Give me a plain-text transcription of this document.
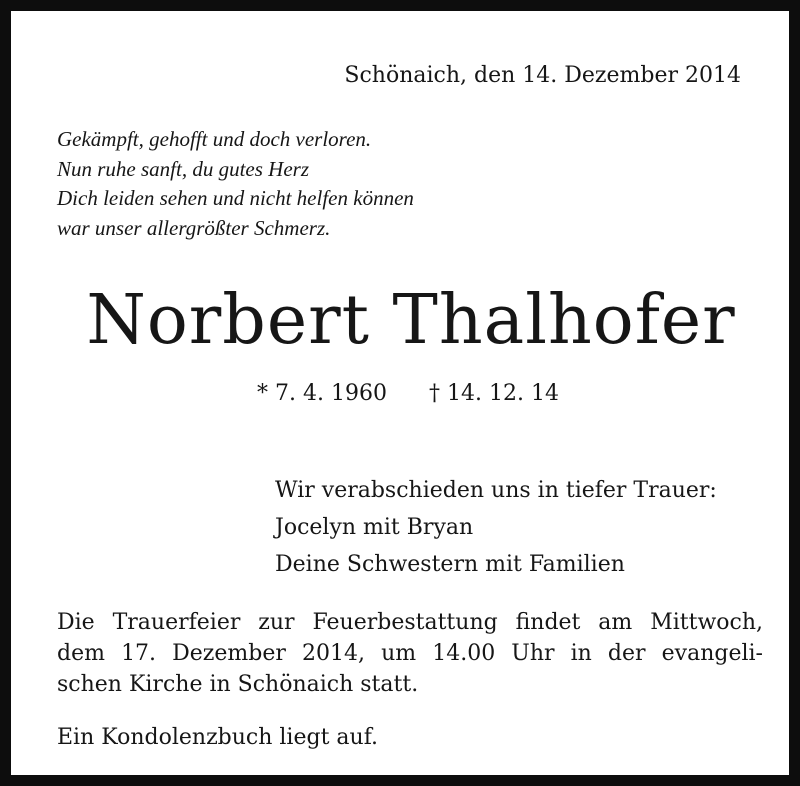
Schönaich, den 14. Dezember 2014

Gekämpft, gehofft und doch verloren.
Nun ruhe sanft, du gutes Herz
Dich leiden sehen und nicht helfen können
war unser allergrößter Schmerz.

Norbert Thalhofer

* 7. 4. 1960 † 14. 12. 14
Wir verabschieden uns in tiefer Trauer:
Jocelyn mit Bryan
Deine Schwestern mit Familien
Die Trauerfeier zur Feuerbestattung findet am Mittwoch,
dem 17. Dezember 2014, um 14.00 Uhr in der evangeli-
schen Kirche in Schönaich statt.

Ein Kondolenzbuch liegt auf.
